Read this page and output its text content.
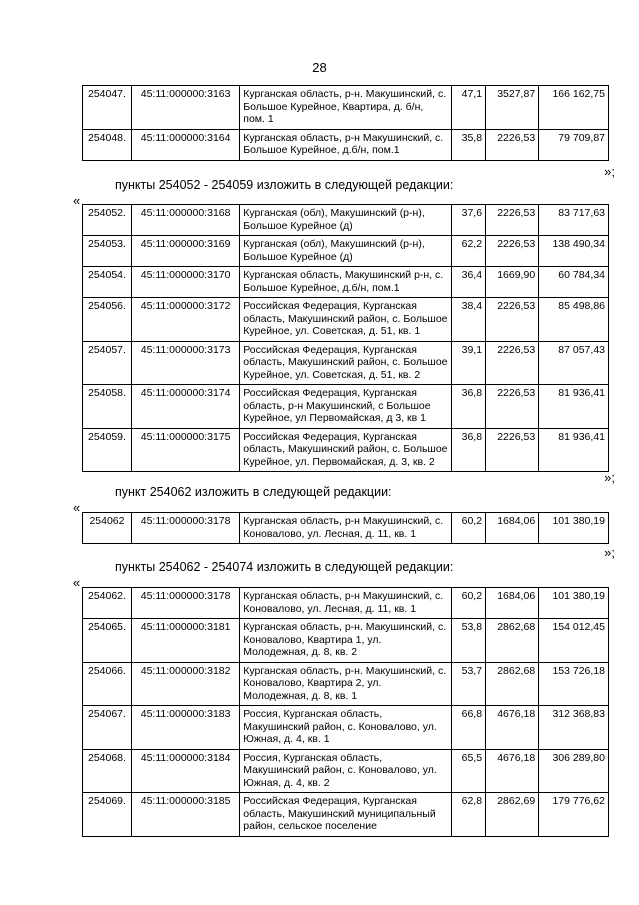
28
254047.	45:11:000000:3163	Курганская область, р-н. Макушинский, с. Большое Курейное, Квартира, д. б/н, пом. 1	47,1	3527,87	166 162,75
254048.	45:11:000000:3164	Курганская область, р-н Макушинский, с. Большое Курейное, д.б/н, пом.1	35,8	2226,53	79 709,87
»;
пункты 254052 - 254059 изложить в следующей редакции:
«
254052.	45:11:000000:3168	Курганская (обл), Макушинский (р-н), Большое Курейное (д)	37,6	2226,53	83 717,63
254053.	45:11:000000:3169	Курганская (обл), Макушинский (р-н), Большое Курейное (д)	62,2	2226,53	138 490,34
254054.	45:11:000000:3170	Курганская область, Макушинский р-н, с. Большое Курейное, д.б/н, пом.1	36,4	1669,90	60 784,34
254056.	45:11:000000:3172	Российская Федерация, Курганская область, Макушинский район, с. Большое Курейное, ул. Советская, д. 51, кв. 1	38,4	2226,53	85 498,86
254057.	45:11:000000:3173	Российская Федерация, Курганская область, Макушинский район, с. Большое Курейное, ул. Советская, д. 51, кв. 2	39,1	2226,53	87 057,43
254058.	45:11:000000:3174	Российская Федерация, Курганская область, р-н Макушинский, с Большое Курейное, ул Первомайская, д 3, кв 1	36,8	2226,53	81 936,41
254059.	45:11:000000:3175	Российская Федерация, Курганская область, Макушинский район, с. Большое Курейное, ул. Первомайская, д. 3, кв. 2	36,8	2226,53	81 936,41
»;
пункт 254062 изложить в следующей редакции:
«
254062	45:11:000000:3178	Курганская область, р-н Макушинский, с. Коновалово, ул. Лесная, д. 11, кв. 1	60,2	1684,06	101 380,19
»;
пункты 254062 - 254074 изложить в следующей редакции:
«
254062.	45:11:000000:3178	Курганская область, р-н Макушинский, с. Коновалово, ул. Лесная, д. 11, кв. 1	60,2	1684,06	101 380,19
254065.	45:11:000000:3181	Курганская область, р-н. Макушинский, с. Коновалово, Квартира 1, ул. Молодежная, д. 8, кв. 2	53,8	2862,68	154 012,45
254066.	45:11:000000:3182	Курганская область, р-н. Макушинский, с. Коновалово, Квартира 2, ул. Молодежная, д. 8, кв. 1	53,7	2862,68	153 726,18
254067.	45:11:000000:3183	Россия, Курганская область, Макушинский район, с. Коновалово, ул. Южная, д. 4, кв. 1	66,8	4676,18	312 368,83
254068.	45:11:000000:3184	Россия, Курганская область, Макушинский район, с. Коновалово, ул. Южная, д. 4, кв. 2	65,5	4676,18	306 289,80
254069.	45:11:000000:3185	Российская Федерация, Курганская область, Макушинский муниципальный район, сельское поселение	62,8	2862,69	179 776,62
